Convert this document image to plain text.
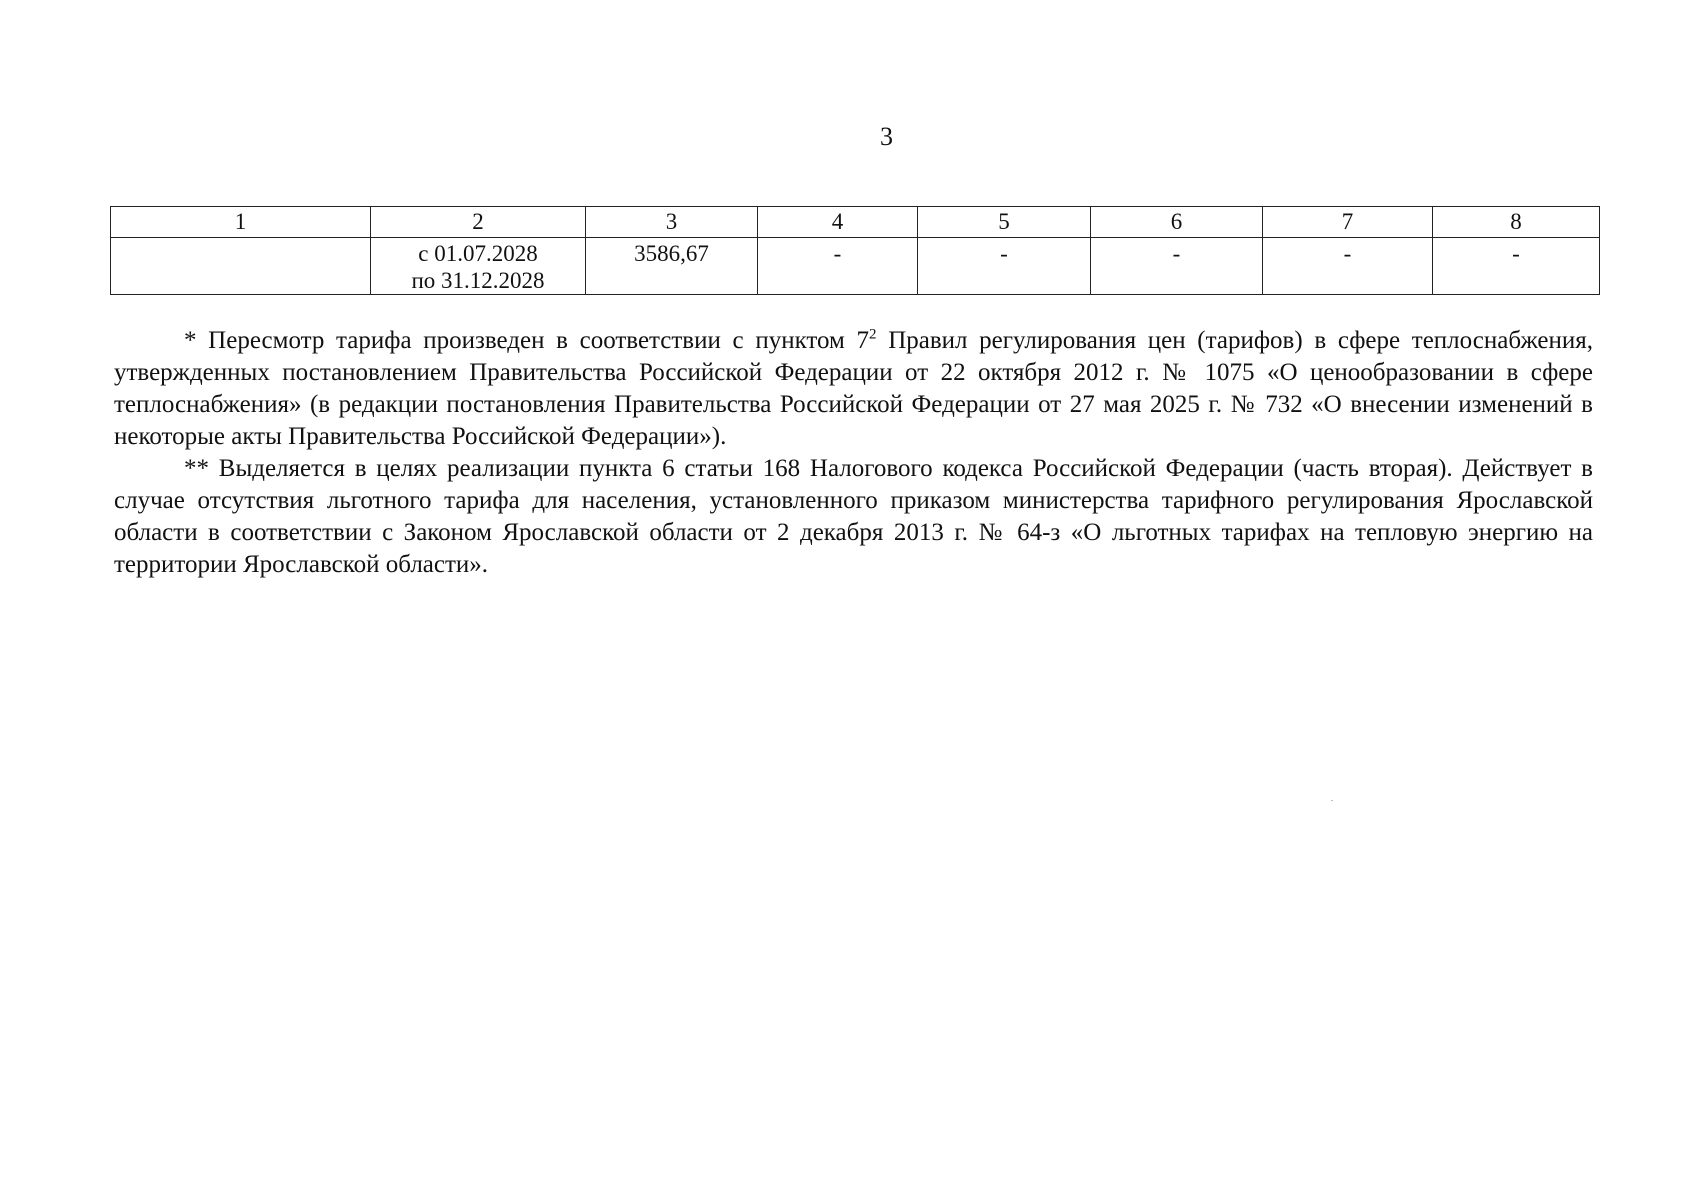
3
1	2	3	4	5	6	7	8

	с 01.07.2028
по 31.12.2028	3586,67	-	-	-	-	-

* Пересмотр тарифа произведен в соответствии с пунктом $7^2$ Правил регулирования цен (тарифов) в сфере теплоснабжения, утвержденных постановлением Правительства Российской Федерации от 22 октября 2012 г. № 1075 «О ценообразовании в сфере теплоснабжения» (в редакции постановления Правительства Российской Федерации от 27 мая 2025 г. № 732 «О внесении изменений в некоторые акты Правительства Российской Федерации»).

** Выделяется в целях реализации пункта 6 статьи 168 Налогового кодекса Российской Федерации (часть вторая). Действует в случае отсутствия льготного тарифа для населения, установленного приказом министерства тарифного регулирования Ярославской области в соответствии с Законом Ярославской области от 2 декабря 2013 г. № 64-з «О льготных тарифах на тепловую энергию на территории Ярославской области».
